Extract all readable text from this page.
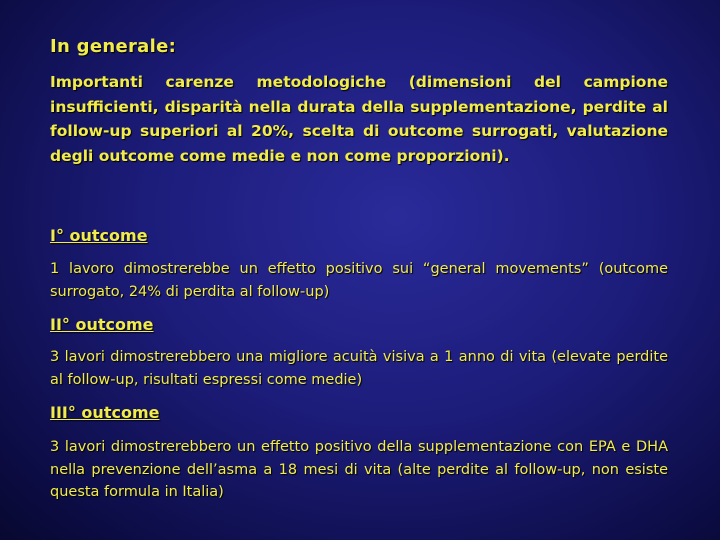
In generale:
Importanti carenze metodologiche (dimensioni del campione insufficienti, disparità nella durata della supplementazione, perdite al follow-up superiori al 20%, scelta di outcome surrogati, valutazione degli outcome come medie e non come proporzioni).
I° outcome
1 lavoro dimostrerebbe un effetto positivo sui “general movements” (outcome surrogato, 24% di perdita al follow-up)
II° outcome
3 lavori dimostrerebbero una migliore acuità visiva a 1 anno di vita (elevate perdite al follow-up, risultati espressi come medie)
III° outcome
3 lavori dimostrerebbero un effetto positivo della supplementazione con EPA e DHA nella prevenzione dell’asma a 18 mesi di vita (alte perdite al follow-up, non esiste questa formula in Italia)
